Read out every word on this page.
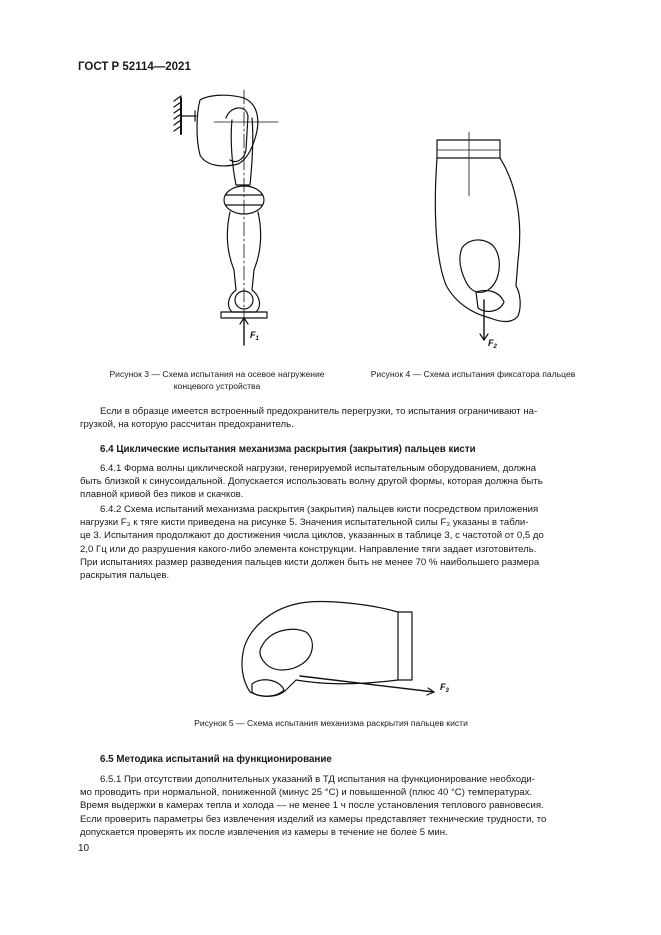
ГОСТ Р 52114—2021
$F_1$	$F_2$
$F_3$
Рисунок 3 — Схема испытания на осевое нагружение
концевого устройства
Рисунок 4 — Схема испытания фиксатора пальцев

Если в образце имеется встроенный предохранитель перегрузки, то испытания ограничивают на-

грузкой, на которую рассчитан предохранитель.
6.4 Циклические испытания механизма раскрытия (закрытия) пальцев кисти

6.4.1 Форма волны циклической нагрузки, генерируемой испытательным оборудованием, должна

быть близкой к синусоидальной. Допускается использовать волну другой формы, которая должна быть
плавной кривой без пиков и скачков.

6.4.2 Схема испытаний механизма раскрытия (закрытия) пальцев кисти посредством приложения

нагрузки F₃ к тяге кисти приведена на рисунке 5. Значения испытательной силы F₃ указаны в табли-
це 3. Испытания продолжают до достижения числа циклов, указанных в таблице 3, с частотой от 0,5 до
2,0 Гц или до разрушения какого-либо элемента конструкции. Направление тяги задает изготовитель.
При испытаниях размер разведения пальцев кисти должен быть не менее 70 % наибольшего размера
раскрытия пальцев.
Рисунок 5 — Схема испытания механизма раскрытия пальцев кисти
6.5 Методика испытаний на функционирование

6.5.1 При отсутствии дополнительных указаний в ТД испытания на функционирование необходи-

мо проводить при нормальной, пониженной (минус 25 °С) и повышенной (плюс 40 °С) температурах.
Время выдержки в камерах тепла и холода — не менее 1 ч после установления теплового равновесия.
Если проверить параметры без извлечения изделий из камеры представляет технические трудности, то
допускается проверять их после извлечения из камеры в течение не более 5 мин.
10
